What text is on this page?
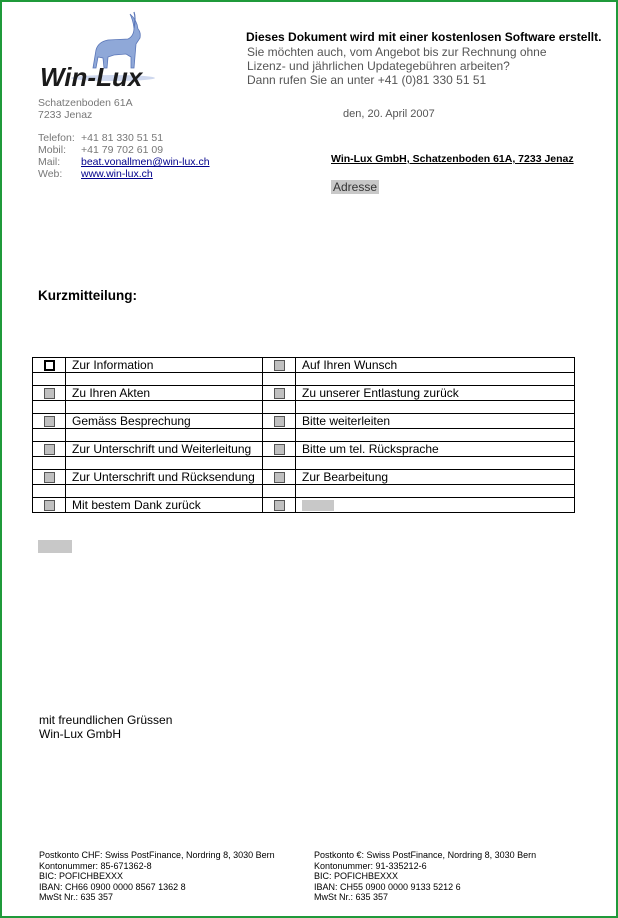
Win-Lux
Dieses Dokument wird mit einer kostenlosen Software erstellt.
Sie möchten auch, vom Angebot bis zur Rechnung ohne
Lizenz- und jährlichen Updategebühren arbeiten?
Dann rufen Sie an unter +41 (0)81 330 51 51
Schatzenboden 61A
7233 Jenaz
Telefon: +41 81 330 51 51
Mobil: +41 79 702 61 09
Mail: beat.vonallmen@win-lux.ch
Web: www.win-lux.ch
den, 20. April 2007
Win-Lux GmbH, Schatzenboden 61A, 7233 Jenaz
Adresse
Kurzmitteilung:
	Zur Information		Auf Ihren Wunsch

	Zu Ihren Akten		Zu unserer Entlastung zurück

	Gemäss Besprechung		Bitte weiterleiten

	Zur Unterschrift und Weiterleitung		Bitte um tel. Rücksprache

	Zur Unterschrift und Rücksendung		Zur Bearbeitung

	Mit bestem Dank zurück		
mit freundlichen Grüssen
Win-Lux GmbH
Postkonto CHF: Swiss PostFinance, Nordring 8, 3030 Bern
Kontonummer: 85-671362-8
BIC: POFICHBEXXX
IBAN: CH66 0900 0000 8567 1362 8
MwSt Nr.: 635 357
Postkonto €: Swiss PostFinance, Nordring 8, 3030 Bern
Kontonummer: 91-335212-6
BIC: POFICHBEXXX
IBAN: CH55 0900 0000 9133 5212 6
MwSt Nr.: 635 357
